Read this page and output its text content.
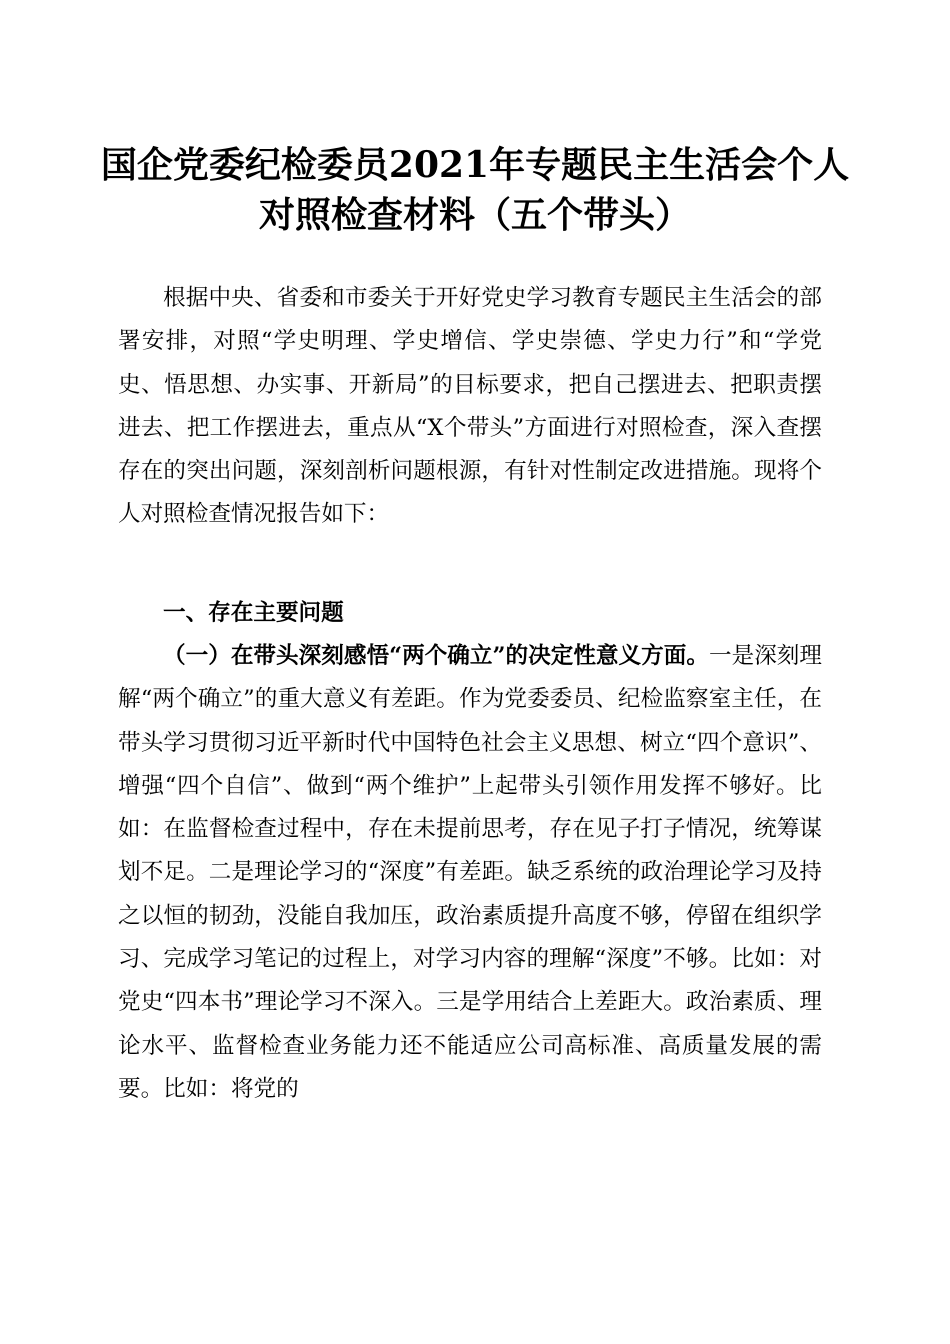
国企党委纪检委员2021年专题民主生活会个人对照检查材料（五个带头）

根据中央、省委和市委关于开好党史学习教育专题民主生活会的部署安排，对照“学史明理、学史增信、学史崇德、学史力行”和“学党史、悟思想、办实事、开新局”的目标要求，把自己摆进去、把职责摆进去、把工作摆进去，重点从“X个带头”方面进行对照检查，深入查摆存在的突出问题，深刻剖析问题根源，有针对性制定改进措施。现将个人对照检查情况报告如下：

一、存在主要问题

（一）在带头深刻感悟“两个确立”的决定性意义方面。一是深刻理解“两个确立”的重大意义有差距。作为党委委员、纪检监察室主任，在带头学习贯彻习近平新时代中国特色社会主义思想、树立“四个意识”、增强“四个自信”、做到“两个维护”上起带头引领作用发挥不够好。比如：在监督检查过程中，存在未提前思考，存在见子打子情况，统筹谋划不足。二是理论学习的“深度”有差距。缺乏系统的政治理论学习及持之以恒的韧劲，没能自我加压，政治素质提升高度不够，停留在组织学习、完成学习笔记的过程上，对学习内容的理解“深度”不够。比如：对党史“四本书”理论学习不深入。三是学用结合上差距大。政治素质、理论水平、监督检查业务能力还不能适应公司高标准、高质量发展的需要。比如：将党的
